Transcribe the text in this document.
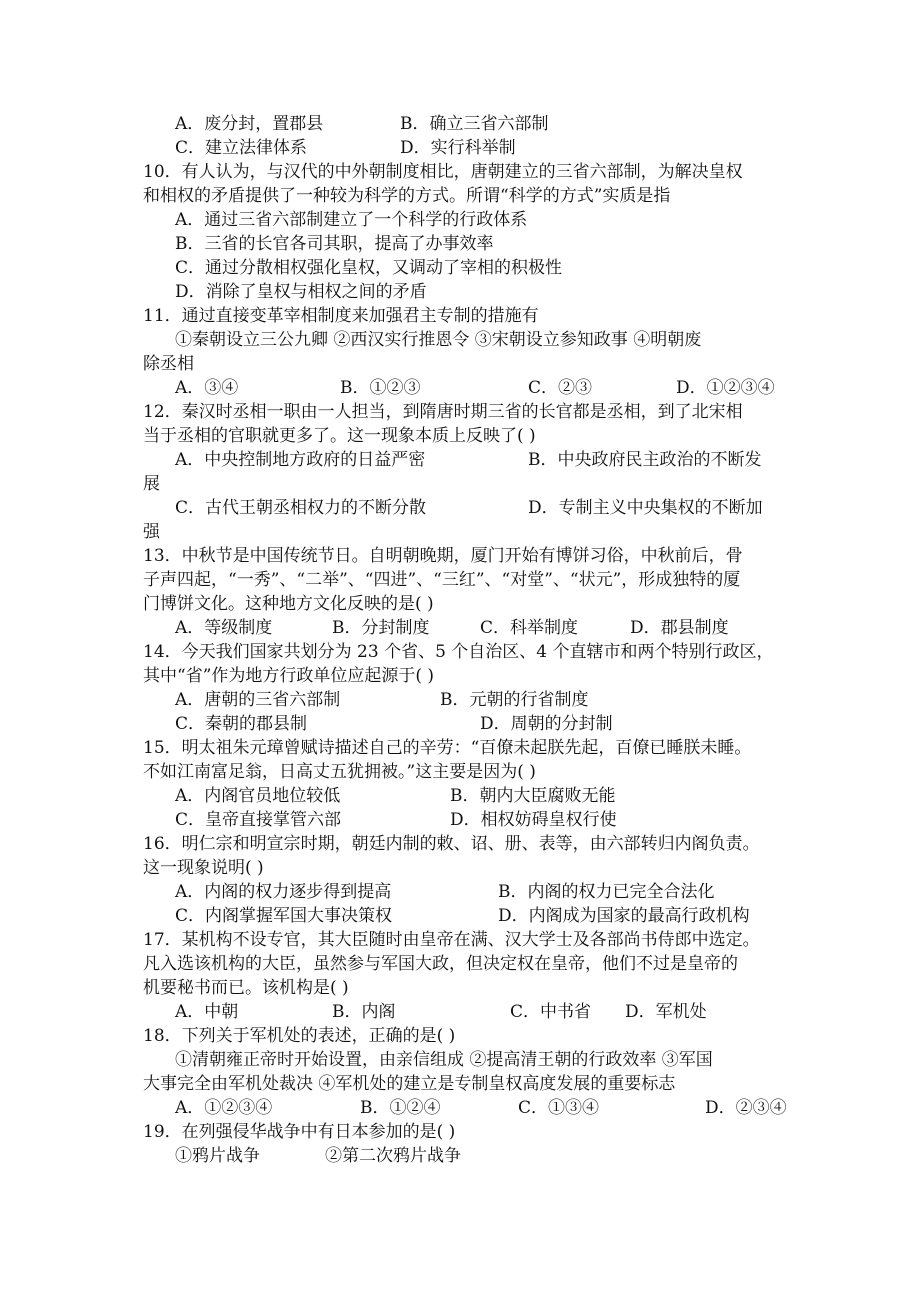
A．废分封，置郡县	B．确立三省六部制
C．建立法律体系	D．实行科举制
10．有人认为，与汉代的中外朝制度相比，唐朝建立的三省六部制，为解决皇权
和相权的矛盾提供了一种较为科学的方式。所谓“科学的方式”实质是指
A．通过三省六部制建立了一个科学的行政体系
B．三省的长官各司其职，提高了办事效率
C．通过分散相权强化皇权，又调动了宰相的积极性
D．消除了皇权与相权之间的矛盾
11．通过直接变革宰相制度来加强君主专制的措施有
①秦朝设立三公九卿 ②西汉实行推恩令 ③宋朝设立参知政事 ④明朝废
除丞相
A．③④	B．①②③	C．②③	D．①②③④
12．秦汉时丞相一职由一人担当，到隋唐时期三省的长官都是丞相，到了北宋相
当于丞相的官职就更多了。这一现象本质上反映了( )
A．中央控制地方政府的日益严密	B．中央政府民主政治的不断发
展
C．古代王朝丞相权力的不断分散	D．专制主义中央集权的不断加
强
13．中秋节是中国传统节日。自明朝晚期，厦门开始有博饼习俗，中秋前后，骨
子声四起，“一秀”、“二举”、“四进”、“三红”、“对堂”、“状元”，形成独特的厦
门博饼文化。这种地方文化反映的是( )
A．等级制度	B．分封制度	C．科举制度	D．郡县制度
14．今天我们国家共划分为 23 个省、5 个自治区、4 个直辖市和两个特别行政区，
其中“省”作为地方行政单位应起源于( )
A．唐朝的三省六部制	B．元朝的行省制度
C．秦朝的郡县制	D．周朝的分封制
15．明太祖朱元璋曾赋诗描述自己的辛劳：“百僚未起朕先起，百僚已睡朕未睡。
不如江南富足翁，日高丈五犹拥被。”这主要是因为( )
A．内阁官员地位较低	B．朝内大臣腐败无能
C．皇帝直接掌管六部	D．相权妨碍皇权行使
16．明仁宗和明宣宗时期，朝廷内制的敕、诏、册、表等，由六部转归内阁负责。
这一现象说明( )
A．内阁的权力逐步得到提高	B．内阁的权力已完全合法化
C．内阁掌握军国大事决策权	D．内阁成为国家的最高行政机构
17．某机构不设专官，其大臣随时由皇帝在满、汉大学士及各部尚书侍郎中选定。
凡入选该机构的大臣，虽然参与军国大政，但决定权在皇帝，他们不过是皇帝的
机要秘书而已。该机构是( )
A．中朝	B．内阁	C．中书省 D．军机处
18．下列关于军机处的表述，正确的是( )
①清朝雍正帝时开始设置，由亲信组成 ②提高清王朝的行政效率 ③军国
大事完全由军机处裁决 ④军机处的建立是专制皇权高度发展的重要标志
A．①②③④	B．①②④	C．①③④	D．②③④
19．在列强侵华战争中有日本参加的是( )
①鸦片战争	②第二次鸦片战争
